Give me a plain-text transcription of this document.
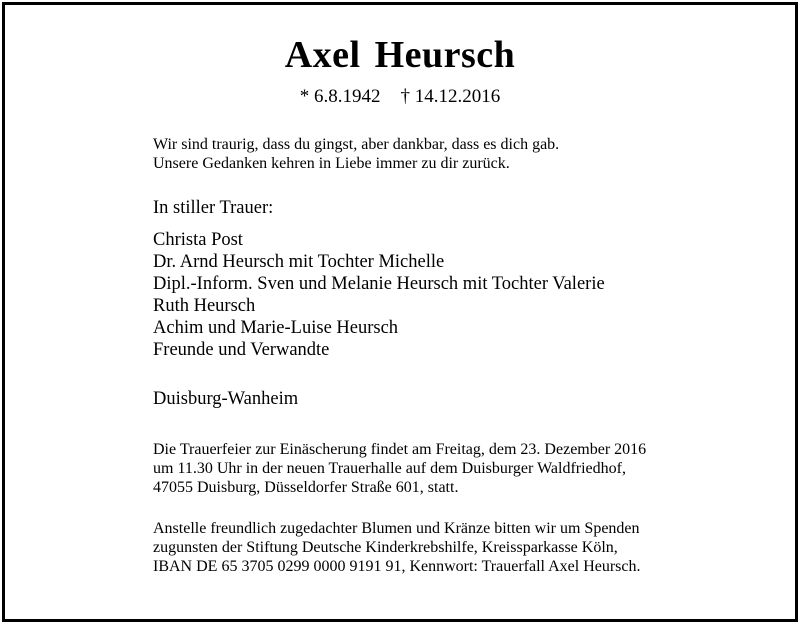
Axel Heursch
* 6.8.1942 † 14.12.2016
Wir sind traurig, dass du gingst, aber dankbar, dass es dich gab.
Unsere Gedanken kehren in Liebe immer zu dir zurück.
In stiller Trauer:
Christa Post
Dr. Arnd Heursch mit Tochter Michelle
Dipl.-Inform. Sven und Melanie Heursch mit Tochter Valerie
Ruth Heursch
Achim und Marie-Luise Heursch
Freunde und Verwandte
Duisburg-Wanheim
Die Trauerfeier zur Einäscherung findet am Freitag, dem 23. Dezember 2016
um 11.30 Uhr in der neuen Trauerhalle auf dem Duisburger Waldfriedhof,
47055 Duisburg, Düsseldorfer Straße 601, statt.
Anstelle freundlich zugedachter Blumen und Kränze bitten wir um Spenden
zugunsten der Stiftung Deutsche Kinderkrebshilfe, Kreissparkasse Köln,
IBAN DE 65 3705 0299 0000 9191 91, Kennwort: Trauerfall Axel Heursch.
